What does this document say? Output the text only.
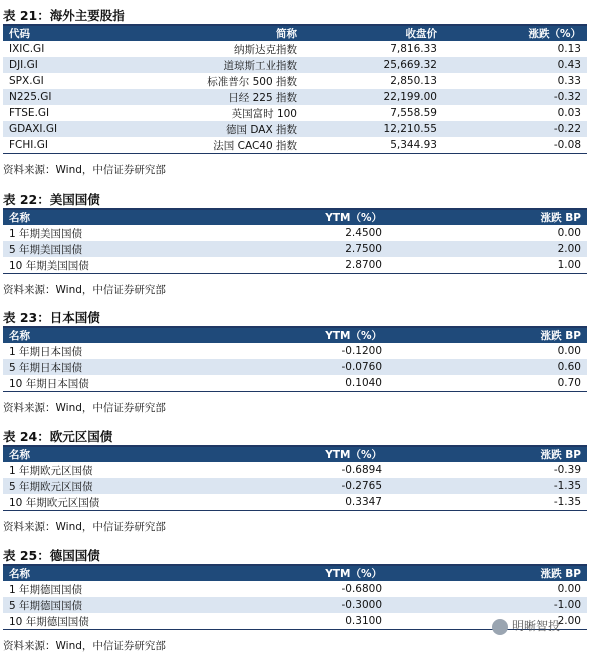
表 21：海外主要股指
代码	简称	收盘价	涨跌（%）
IXIC.GI	纳斯达克指数	7,816.33	0.13
DJI.GI	道琼斯工业指数	25,669.32	0.43
SPX.GI	标准普尔 500 指数	2,850.13	0.33
N225.GI	日经 225 指数	22,199.00	-0.32
FTSE.GI	英国富时 100	7,558.59	0.03
GDAXI.GI	德国 DAX 指数	12,210.55	-0.22
FCHI.GI	法国 CAC40 指数	5,344.93	-0.08
资料来源：Wind，中信证券研究部
表 22：美国国债
名称	YTM（%）	涨跌 BP
1 年期美国国债	2.4500	0.00
5 年期美国国债	2.7500	2.00
10 年期美国国债	2.8700	1.00
资料来源：Wind，中信证券研究部
表 23：日本国债
名称	YTM（%）	涨跌 BP
1 年期日本国债	-0.1200	0.00
5 年期日本国债	-0.0760	0.60
10 年期日本国债	0.1040	0.70
资料来源：Wind，中信证券研究部
表 24：欧元区国债
名称	YTM（%）	涨跌 BP
1 年期欧元区国债	-0.6894	-0.39
5 年期欧元区国债	-0.2765	-1.35
10 年期欧元区国债	0.3347	-1.35
资料来源：Wind，中信证券研究部
表 25：德国国债
名称	YTM（%）	涨跌 BP
1 年期德国国债	-0.6800	0.00
5 年期德国国债	-0.3000	-1.00
10 年期德国国债	0.3100	2.00
资料来源：Wind，中信证券研究部
明晰智投
